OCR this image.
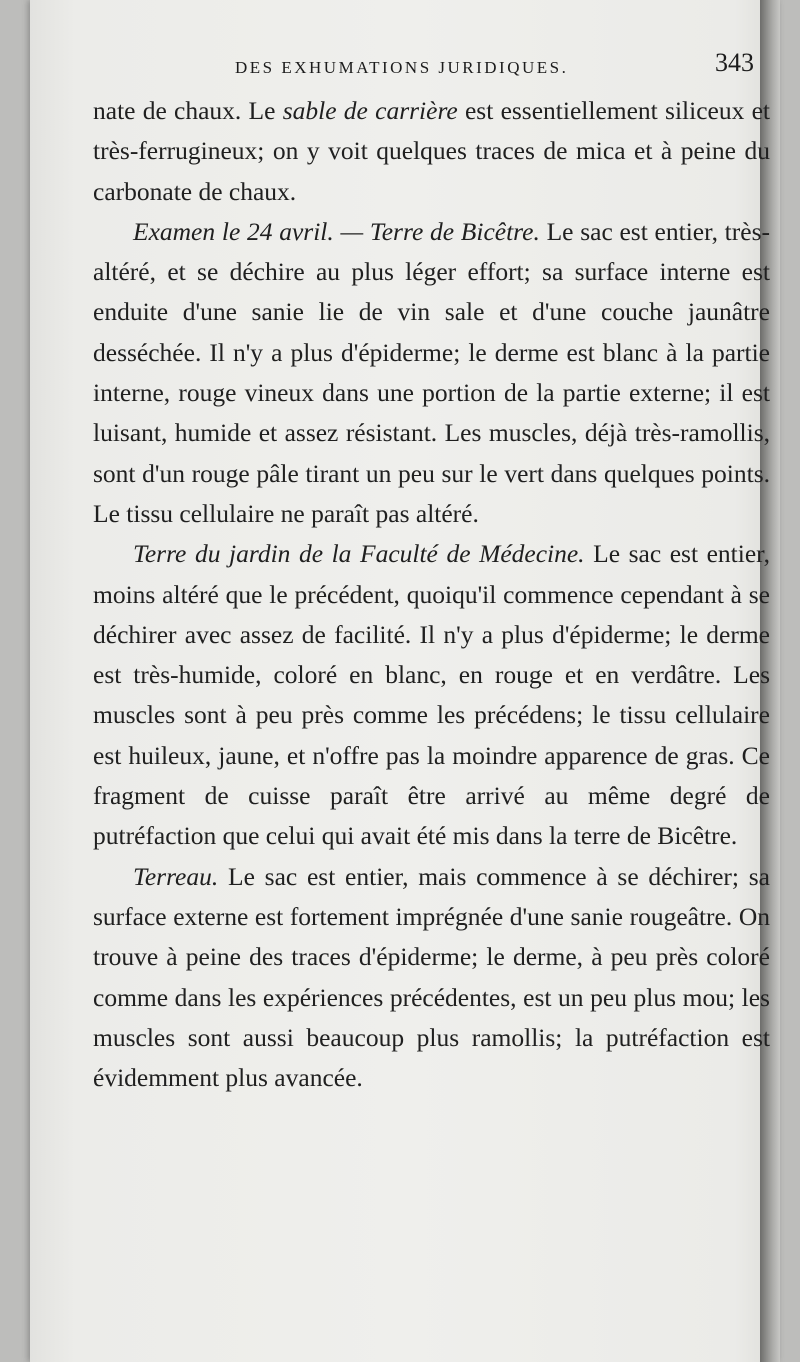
DES EXHUMATIONS JURIDIQUES.	343

nate de chaux. Le sable de carrière est essentiellement siliceux et très-ferrugineux; on y voit quelques traces de mica et à peine du carbonate de chaux.

Examen le 24 avril. — Terre de Bicêtre. Le sac est entier, très-altéré, et se déchire au plus léger effort; sa surface interne est enduite d'une sanie lie de vin sale et d'une couche jaunâtre desséchée. Il n'y a plus d'épiderme; le derme est blanc à la partie interne, rouge vineux dans une portion de la partie externe; il est luisant, humide et assez résistant. Les muscles, déjà très-ramollis, sont d'un rouge pâle tirant un peu sur le vert dans quelques points. Le tissu cellulaire ne paraît pas altéré.

Terre du jardin de la Faculté de Médecine. Le sac est entier, moins altéré que le précédent, quoiqu'il commence cependant à se déchirer avec assez de facilité. Il n'y a plus d'épiderme; le derme est très-humide, coloré en blanc, en rouge et en verdâtre. Les muscles sont à peu près comme les précédens; le tissu cellulaire est huileux, jaune, et n'offre pas la moindre apparence de gras. Ce fragment de cuisse paraît être arrivé au même degré de putréfaction que celui qui avait été mis dans la terre de Bicêtre.

Terreau. Le sac est entier, mais commence à se déchirer; sa surface externe est fortement imprégnée d'une sanie rougeâtre. On trouve à peine des traces d'épiderme; le derme, à peu près coloré comme dans les expériences précédentes, est un peu plus mou; les muscles sont aussi beaucoup plus ramollis; la putréfaction est évidemment plus avancée.
